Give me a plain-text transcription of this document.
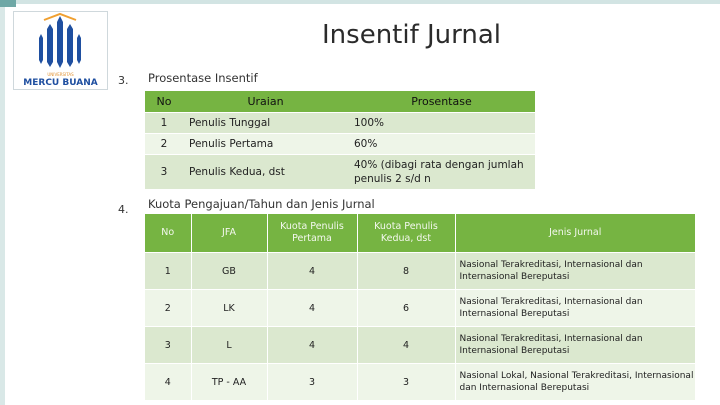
UNIVERSITAS
MERCU BUANA
Insentif Jurnal
3. Prosentase Insentif
No	Uraian	Prosentase
1	Penulis Tunggal	100%
2	Penulis Pertama	60%
3	Penulis Kedua, dst	40% (dibagi rata dengan jumlah penulis 2 s/d n
4. Kuota Pengajuan/Tahun dan Jenis Jurnal
No	JFA	Kuota Penulis Pertama	Kuota Penulis Kedua, dst	Jenis Jurnal
1	GB	4	8	Nasional Terakreditasi, Internasional dan Internasional Bereputasi
2	LK	4	6	Nasional Terakreditasi, Internasional dan Internasional Bereputasi
3	L	4	4	Nasional Terakreditasi, Internasional dan Internasional Bereputasi
4	TP - AA	3	3	Nasional Lokal, Nasional Terakreditasi, Internasional dan Internasional Bereputasi
